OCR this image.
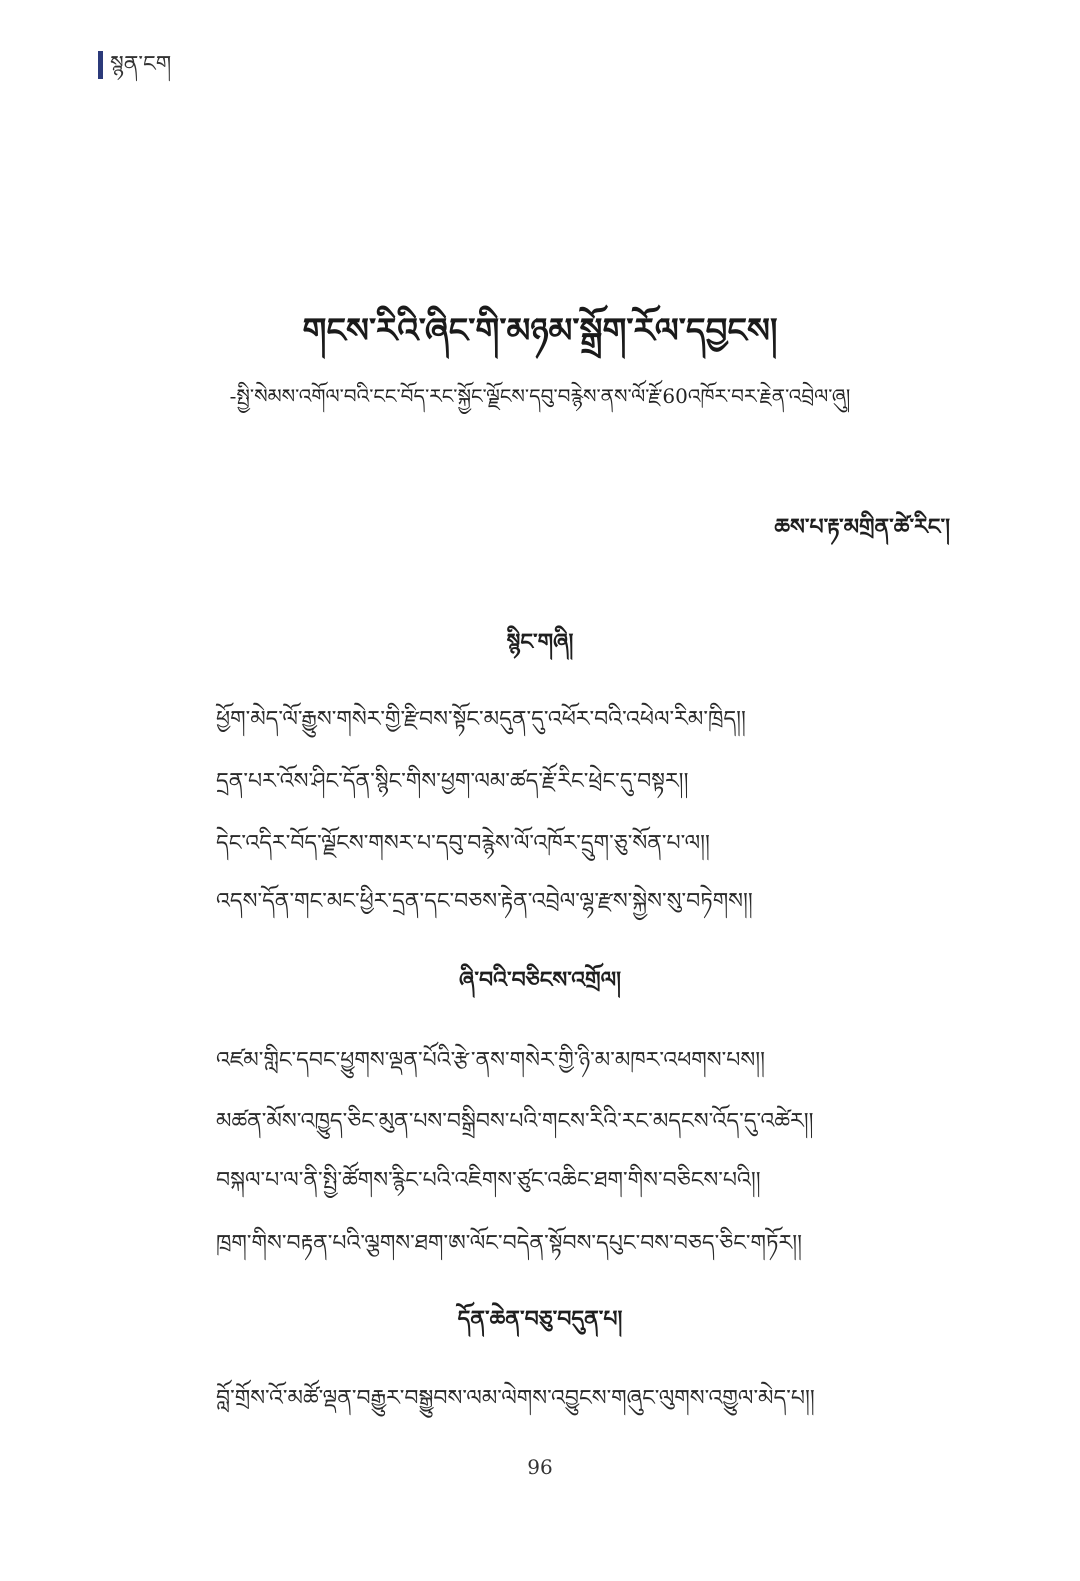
སྙན་ངག
གངས་རིའི་ཞིང་གི་མཉམ་སྒྲོག་རོལ་དབྱངས།
-སྤྱི་སེམས་འགོལ་བའི་ངང་བོད་རང་སྐྱོང་ལྗོངས་དབུ་བརྙེས་ནས་ལོ་རྗོ་60འཁོར་བར་རྗེན་འབྲེལ་ཞུ།
ཆས་པ་རྟ་མགྲིན་ཚེ་རིང་།
སྙིང་གཞི།
ཕྱོག་མེད་ལོ་རྒྱུས་གསེར་གྱི་རྫིབས་སྟོང་མདུན་དུ་འཕོར་བའི་འཕེལ་རིམ་ཁྲིད།།
དྲན་པར་འོས་ཤིང་དོན་སྙིང་གིས་ཕྱག་ལམ་ཚད་རྗོ་རིང་ཕྲེང་དུ་བསྟར།།
དེང་འདིར་བོད་ལྗོངས་གསར་པ་དབུ་བརྙེས་ལོ་འཁོར་དྲུག་ཅུ་སོན་པ་ལ།།
འདས་དོན་གང་མང་ཕྱིར་དྲན་དང་བཅས་རྟེན་འབྲེལ་ལྷ་རྫས་སྐྱེས་སུ་བཏེགས།།
ཞི་བའི་བཅིངས་འགྲོལ།
འཛམ་གླིང་དབང་ཕྱུགས་ལྡན་པོའི་རྩེ་ནས་གསེར་གྱི་ཉི་མ་མཁར་འཕགས་པས།།
མཚན་མོས་འཁྱུད་ཅིང་མུན་པས་བསྒྲིབས་པའི་གངས་རིའི་རང་མདངས་འོད་དུ་འཚེར།།
བསྐལ་པ་ལ་ནི་སྤྱི་ཚོགས་རྙིང་པའི་འཇིགས་ཙུང་འཆིང་ཐག་གིས་བཅིངས་པའི།།
ཁྲག་གིས་བརྟན་པའི་ལྕགས་ཐག་ཨ་ལོང་བདེན་སྟོབས་དཔུང་བས་བཅད་ཅིང་གཏོར།།
དོན་ཆེན་བཅུ་བདུན་པ།
བློ་གྲོས་འོ་མཚོ་ལྡན་བརྒྱུར་བསྒྱུབས་ལམ་ལེགས་འབྱུངས་གཞུང་ལུགས་འགྱུལ་མེད་པ།།
96
